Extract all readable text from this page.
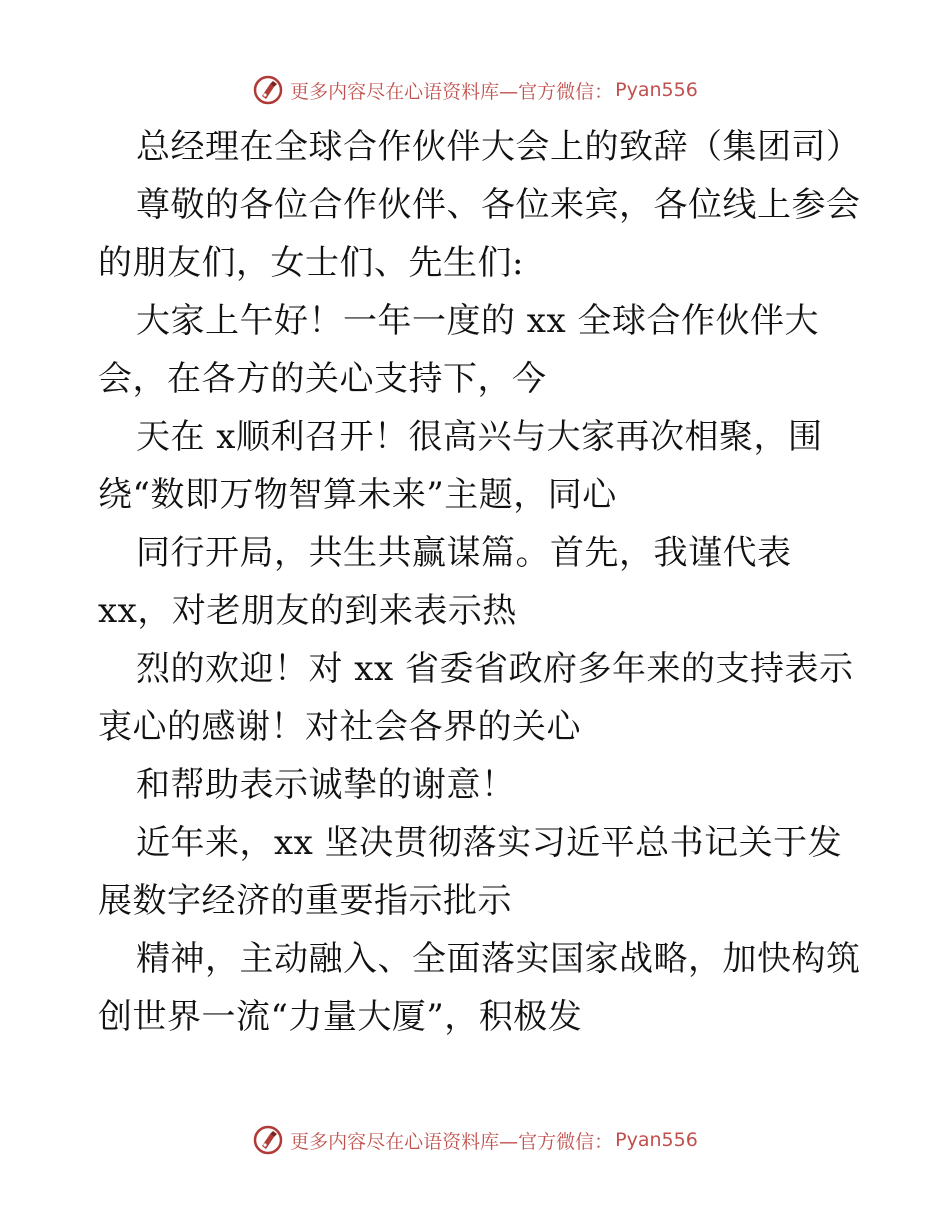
更多内容尽在心语资料库—官方微信： Pyan556
总经理在全球合作伙伴大会上的致辞（集团司）
尊敬的各位合作伙伴、各位来宾，各位线上参会
的朋友们，女士们、先生们:
大家上午好！一年一度的 xx 全球合作伙伴大
会，在各方的关心支持下，今
天在 x顺利召开！很高兴与大家再次相聚，围
绕“数即万物智算未来”主题，同心
同行开局，共生共赢谋篇。首先，我谨代表
xx，对老朋友的到来表示热
烈的欢迎！对 xx 省委省政府多年来的支持表示
衷心的感谢！对社会各界的关心
和帮助表示诚挚的谢意！
近年来，xx 坚决贯彻落实习近平总书记关于发
展数字经济的重要指示批示
精神，主动融入、全面落实国家战略，加快构筑
创世界一流“力量大厦”，积极发
更多内容尽在心语资料库—官方微信： Pyan556
